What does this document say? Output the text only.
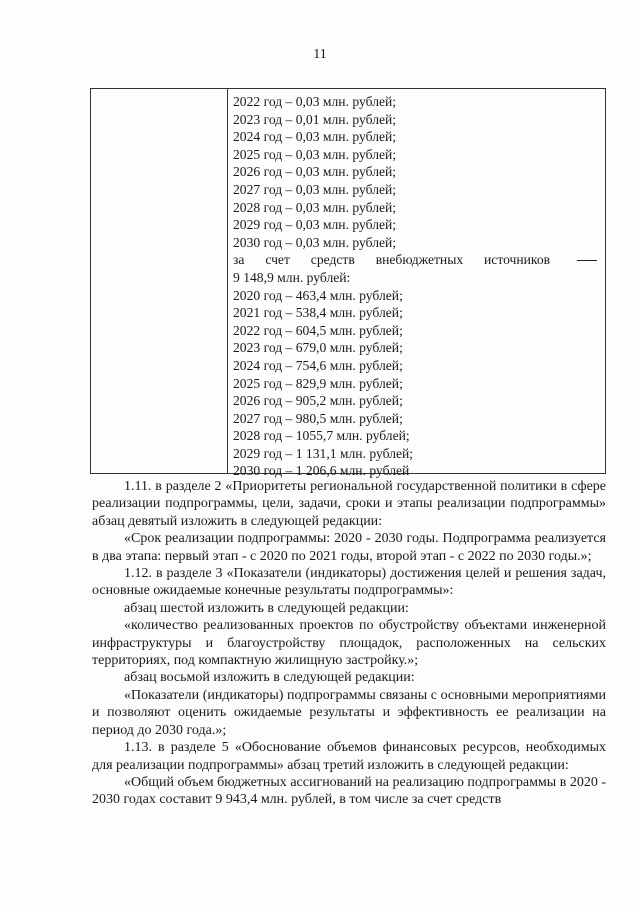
11
2022 год – 0,03 млн. рублей;
2023 год – 0,01 млн. рублей;
2024 год – 0,03 млн. рублей;
2025 год – 0,03 млн. рублей;
2026 год – 0,03 млн. рублей;
2027 год – 0,03 млн. рублей;
2028 год – 0,03 млн. рублей;
2029 год – 0,03 млн. рублей;
2030 год – 0,03 млн. рублей;
за счет средств внебюджетных источников
9 148,9 млн. рублей:
2020 год – 463,4 млн. рублей;
2021 год – 538,4 млн. рублей;
2022 год – 604,5 млн. рублей;
2023 год – 679,0 млн. рублей;
2024 год – 754,6 млн. рублей;
2025 год – 829,9 млн. рублей;
2026 год – 905,2 млн. рублей;
2027 год – 980,5 млн. рублей;
2028 год – 1055,7 млн. рублей;
2029 год – 1 131,1 млн. рублей;
2030 год – 1 206,6 млн. рублей

1.11. в разделе 2 «Приоритеты региональной государственной политики в сфере реализации подпрограммы, цели, задачи, сроки и этапы реализации подпрограммы» абзац девятый изложить в следующей редакции:

«Срок реализации подпрограммы: 2020 - 2030 годы. Подпрограмма реализуется в два этапа: первый этап - с 2020 по 2021 годы, второй этап - с 2022 по 2030 годы.»;

1.12. в разделе 3 «Показатели (индикаторы) достижения целей и решения задач, основные ожидаемые конечные результаты подпрограммы»:

абзац шестой изложить в следующей редакции:

«количество реализованных проектов по обустройству объектами инженерной инфраструктуры и благоустройству площадок, расположенных на сельских территориях, под компактную жилищную застройку.»;

абзац восьмой изложить в следующей редакции:

«Показатели (индикаторы) подпрограммы связаны с основными мероприятиями и позволяют оценить ожидаемые результаты и эффективность ее реализации на период до 2030 года.»;

1.13. в разделе 5 «Обоснование объемов финансовых ресурсов, необходимых для реализации подпрограммы» абзац третий изложить в следующей редакции:

«Общий объем бюджетных ассигнований на реализацию подпрограммы в 2020 - 2030 годах составит 9 943,4 млн. рублей, в том числе за счет средств
